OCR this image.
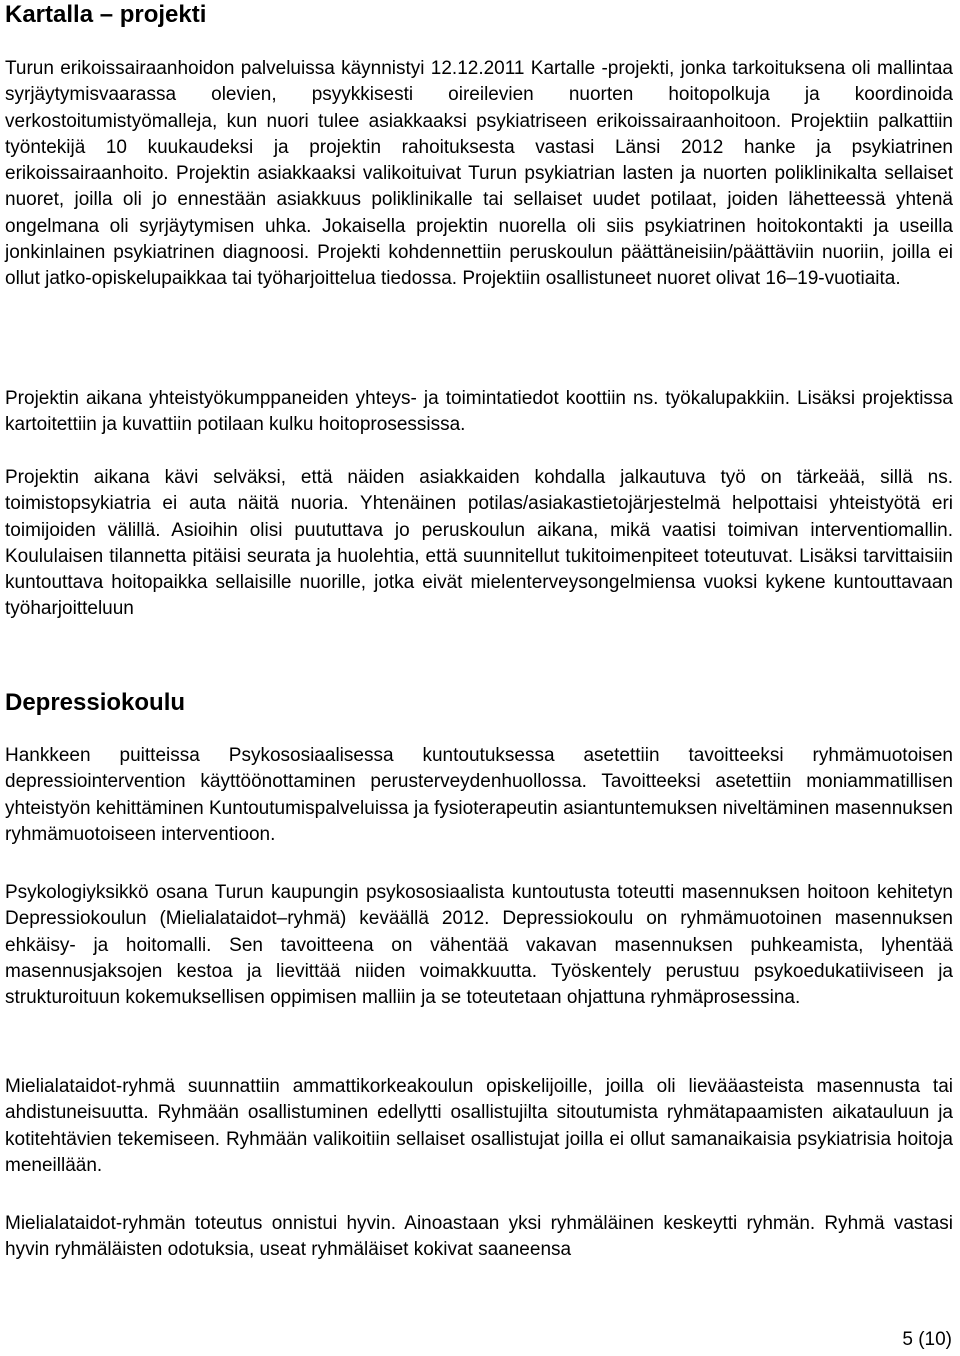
Kartalla – projekti

Turun erikoissairaanhoidon palveluissa käynnistyi 12.12.2011 Kartalle -projekti, jonka tarkoituksena oli mallintaa syrjäytymisvaarassa olevien, psyykkisesti oireilevien nuorten hoitopolkuja ja koordinoida verkostoitumistyömalleja, kun nuori tulee asiakkaaksi psykiatriseen erikoissairaanhoitoon. Projektiin palkattiin työntekijä 10 kuukaudeksi ja projektin rahoituksesta vastasi Länsi 2012 hanke ja psykiatrinen erikoissairaanhoito. Projektin asiakkaaksi valikoituivat Turun psykiatrian lasten ja nuorten poliklinikalta sellaiset nuoret, joilla oli jo ennestään asiakkuus poliklinikalle tai sellaiset uudet potilaat, joiden lähetteessä yhtenä ongelmana oli syrjäytymisen uhka. Jokaisella projektin nuorella oli siis psykiatrinen hoitokontakti ja useilla jonkinlainen psykiatrinen diagnoosi. Projekti kohdennettiin peruskoulun päättäneisiin/päättäviin nuoriin, joilla ei ollut jatko-opiskelupaikkaa tai työharjoittelua tiedossa. Projektiin osallistuneet nuoret olivat 16–19-vuotiaita.

Projektin aikana yhteistyökumppaneiden yhteys- ja toimintatiedot koottiin ns. työkalupakkiin. Lisäksi projektissa kartoitettiin ja kuvattiin potilaan kulku hoitoprosessissa.

Projektin aikana kävi selväksi, että näiden asiakkaiden kohdalla jalkautuva työ on tärkeää, sillä ns. toimistopsykiatria ei auta näitä nuoria. Yhtenäinen potilas/asiakastietojärjestelmä helpottaisi yhteistyötä eri toimijoiden välillä. Asioihin olisi puututtava jo peruskoulun aikana, mikä vaatisi toimivan interventiomallin. Koululaisen tilannetta pitäisi seurata ja huolehtia, että suunnitellut tukitoimenpiteet toteutuvat. Lisäksi tarvittaisiin kuntouttava hoitopaikka sellaisille nuorille, jotka eivät mielenterveysongelmiensa vuoksi kykene kuntouttavaan työharjoitteluun

Depressiokoulu

Hankkeen puitteissa Psykososiaalisessa kuntoutuksessa asetettiin tavoitteeksi ryhmämuotoisen depressiointervention käyttöönottaminen perusterveydenhuollossa. Tavoitteeksi asetettiin moniammatillisen yhteistyön kehittäminen Kuntoutumispalveluissa ja fysioterapeutin asiantuntemuksen niveltäminen masennuksen ryhmämuotoiseen interventioon.

Psykologiyksikkö osana Turun kaupungin psykososiaalista kuntoutusta toteutti masennuksen hoitoon kehitetyn Depressiokoulun (Mielialataidot–ryhmä) keväällä 2012. Depressiokoulu on ryhmämuotoinen masennuksen ehkäisy- ja hoitomalli. Sen tavoitteena on vähentää vakavan masennuksen puhkeamista, lyhentää masennusjaksojen kestoa ja lievittää niiden voimakkuutta. Työskentely perustuu psykoedukatiiviseen ja strukturoituun kokemuksellisen oppimisen malliin ja se toteutetaan ohjattuna ryhmäprosessina.

Mielialataidot-ryhmä suunnattiin ammattikorkeakoulun opiskelijoille, joilla oli lievääasteista masennusta tai ahdistuneisuutta. Ryhmään osallistuminen edellytti osallistujilta sitoutumista ryhmätapaamisten aikatauluun ja kotitehtävien tekemiseen. Ryhmään valikoitiin sellaiset osallistujat joilla ei ollut samanaikaisia psykiatrisia hoitoja meneillään.

Mielialataidot-ryhmän toteutus onnistui hyvin. Ainoastaan yksi ryhmäläinen keskeytti ryhmän. Ryhmä vastasi hyvin ryhmäläisten odotuksia, useat ryhmäläiset kokivat saaneensa

5 (10)
